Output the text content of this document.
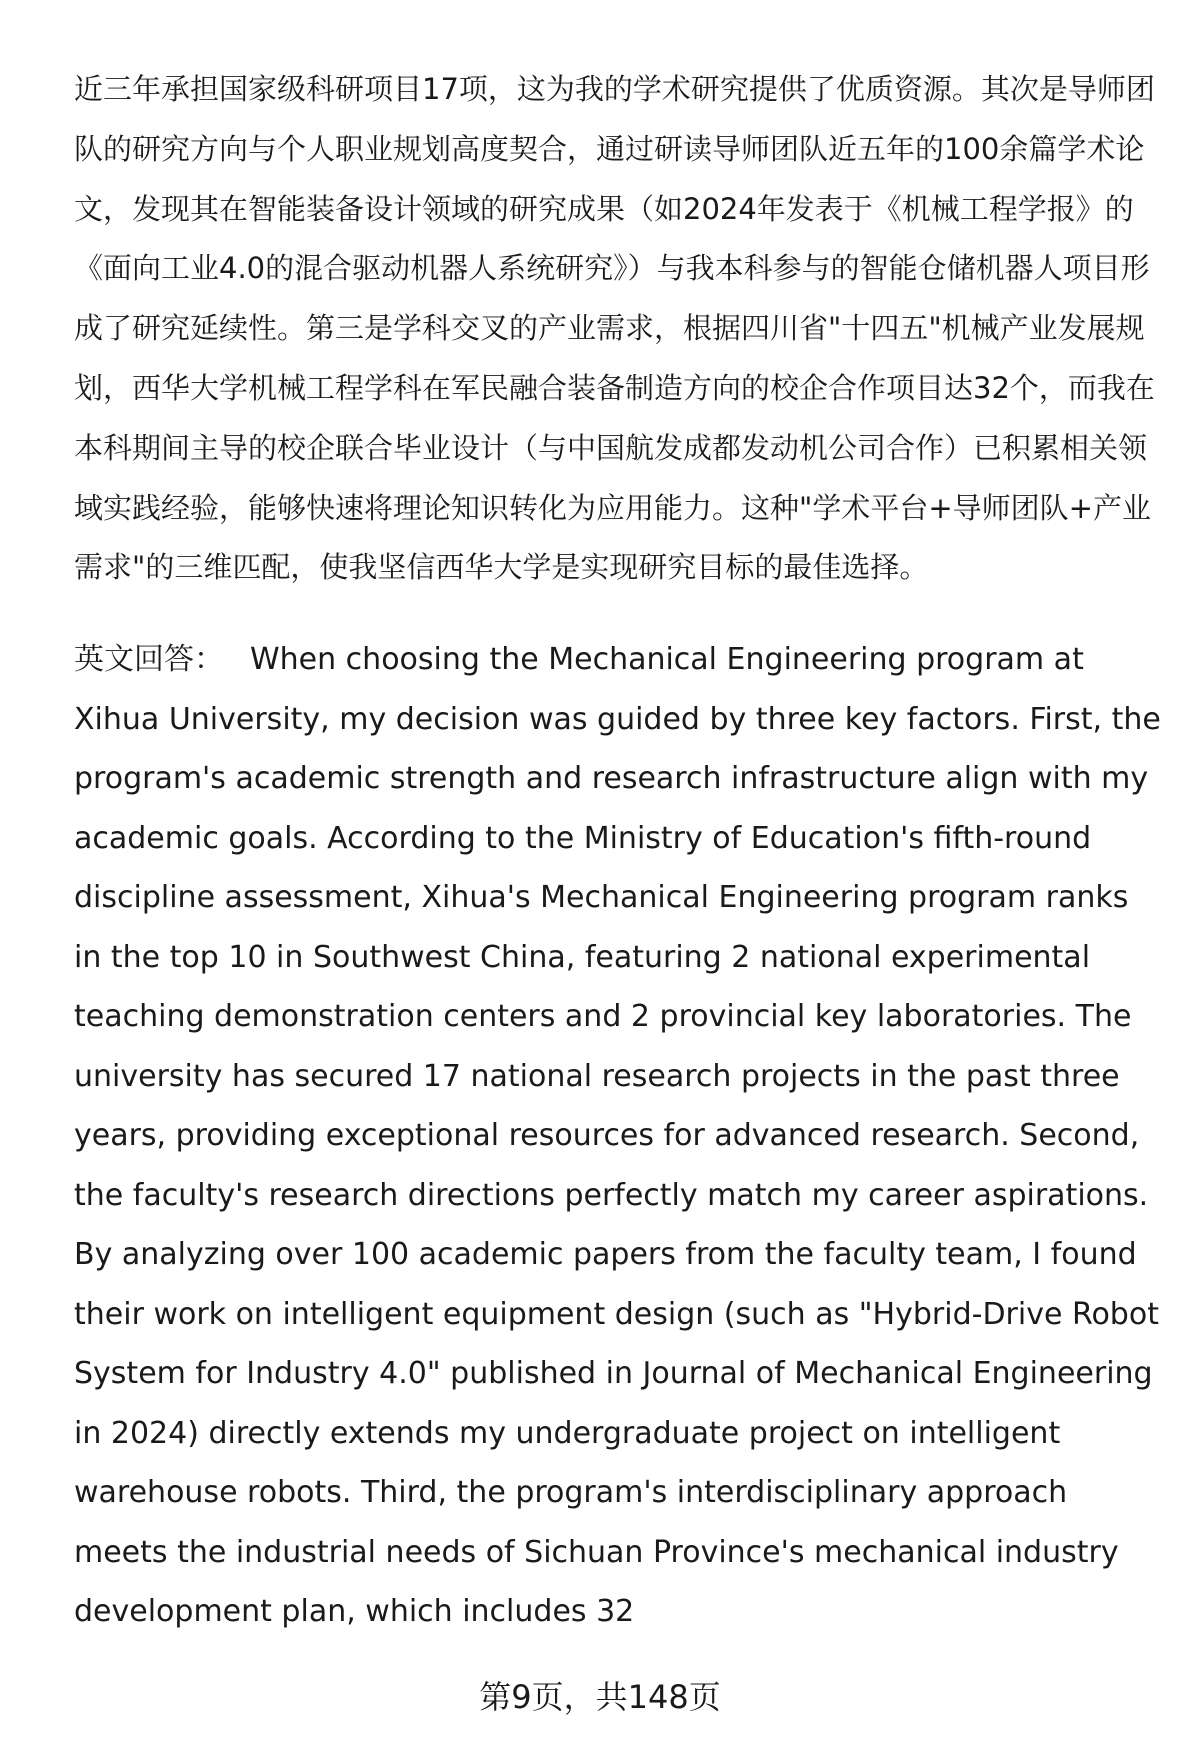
近三年承担国家级科研项目17项，这为我的学术研究提供了优质资源。其次是导师团队的研究方向与个人职业规划高度契合，通过研读导师团队近五年的100余篇学术论文，发现其在智能装备设计领域的研究成果（如2024年发表于《机械工程学报》的《面向工业4.0的混合驱动机器人系统研究》）与我本科参与的智能仓储机器人项目形成了研究延续性。第三是学科交叉的产业需求，根据四川省"十四五"机械产业发展规划，西华大学机械工程学科在军民融合装备制造方向的校企合作项目达32个，而我在本科期间主导的校企联合毕业设计（与中国航发成都发动机公司合作）已积累相关领域实践经验，能够快速将理论知识转化为应用能力。这种"学术平台+导师团队+产业需求"的三维匹配，使我坚信西华大学是实现研究目标的最佳选择。

英文回答： When choosing the Mechanical Engineering program at Xihua University, my decision was guided by three key factors. First, the program's academic strength and research infrastructure align with my academic goals. According to the Ministry of Education's fifth-round discipline assessment, Xihua's Mechanical Engineering program ranks in the top 10 in Southwest China, featuring 2 national experimental teaching demonstration centers and 2 provincial key laboratories. The university has secured 17 national research projects in the past three years, providing exceptional resources for advanced research. Second, the faculty's research directions perfectly match my career aspirations. By analyzing over 100 academic papers from the faculty team, I found their work on intelligent equipment design (such as "Hybrid-Drive Robot System for Industry 4.0" published in Journal of Mechanical Engineering in 2024) directly extends my undergraduate project on intelligent warehouse robots. Third, the program's interdisciplinary approach meets the industrial needs of Sichuan Province's mechanical industry development plan, which includes 32

第9页，共148页
